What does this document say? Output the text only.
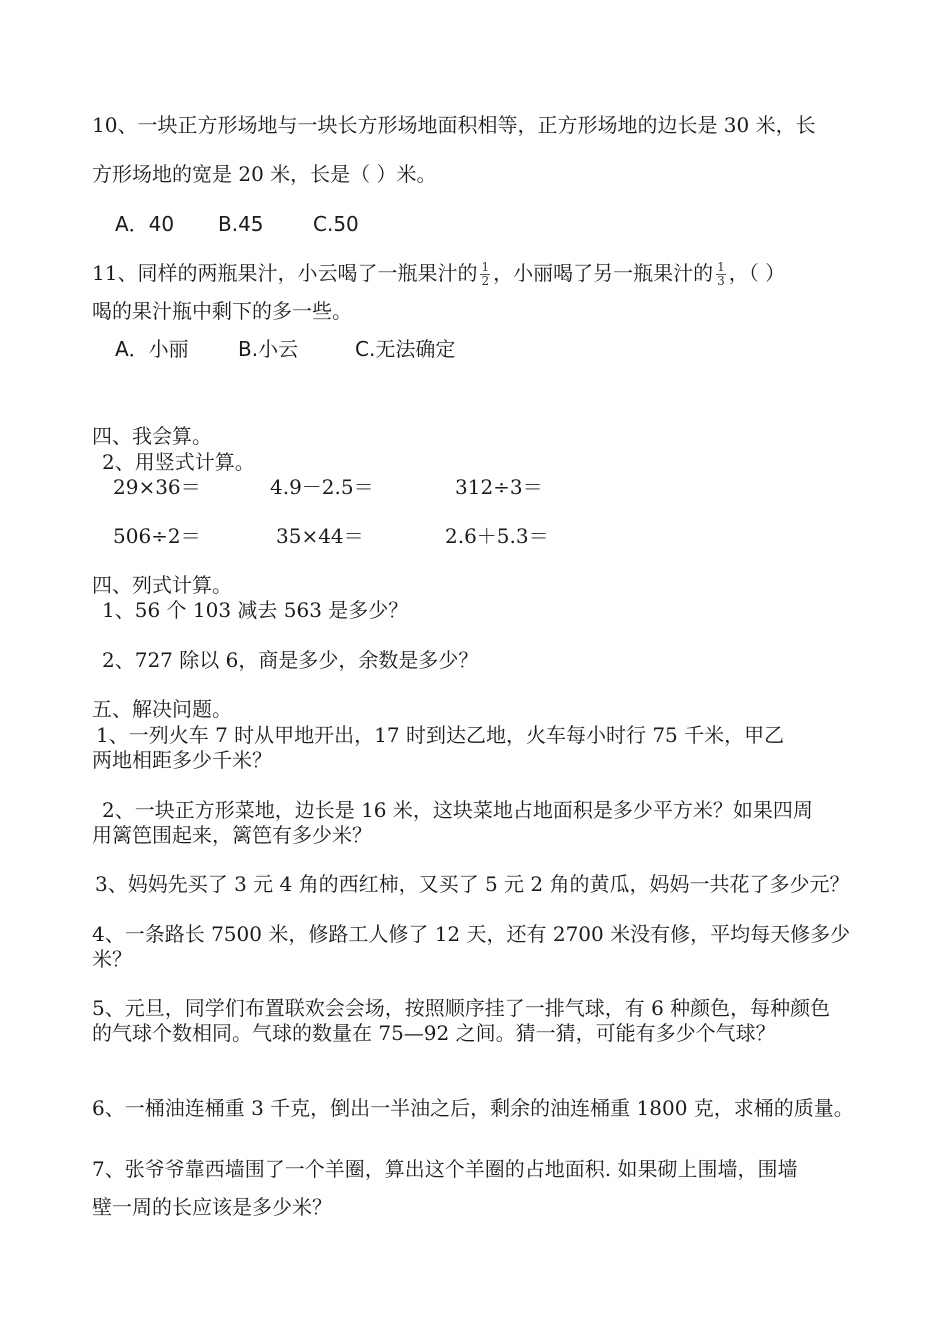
10、一块正方形场地与一块长方形场地面积相等，正方形场地的边长是 30 米，长
方形场地的宽是 20 米，长是（ ）米。
A．40 B.45 C.50
11、同样的两瓶果汁，小云喝了一瓶果汁的 $\frac{1}{2}$ ，小丽喝了另一瓶果汁的 $\frac{1}{3}$ ，（ ）
喝的果汁瓶中剩下的多一些。
A．小丽 B.小云	C.无法确定
四、我会算。
2、用竖式计算。
29×36＝	4.9－2.5＝	312÷3＝
506÷2＝	35×44＝	2.6＋5.3＝
四、列式计算。
1、56 个 103 减去 563 是多少？
2、727 除以 6，商是多少，余数是多少？
五、解决问题。
1、一列火车 7 时从甲地开出，17 时到达乙地，火车每小时行 75 千米，甲乙
两地相距多少千米？
2、一块正方形菜地，边长是 16 米，这块菜地占地面积是多少平方米？如果四周
用篱笆围起来，篱笆有多少米？
3、妈妈先买了 3 元 4 角的西红柿，又买了 5 元 2 角的黄瓜，妈妈一共花了多少元？
4、一条路长 7500 米，修路工人修了 12 天，还有 2700 米没有修，平均每天修多少
米？
5、元旦，同学们布置联欢会会场，按照顺序挂了一排气球，有 6 种颜色，每种颜色
的气球个数相同。气球的数量在 75—92 之间。猜一猜，可能有多少个气球？
6、一桶油连桶重 3 千克，倒出一半油之后，剩余的油连桶重 1800 克，求桶的质量。
7、张爷爷靠西墙围了一个羊圈，算出这个羊圈的占地面积. 如果砌上围墙，围墙
壁一周的长应该是多少米？
